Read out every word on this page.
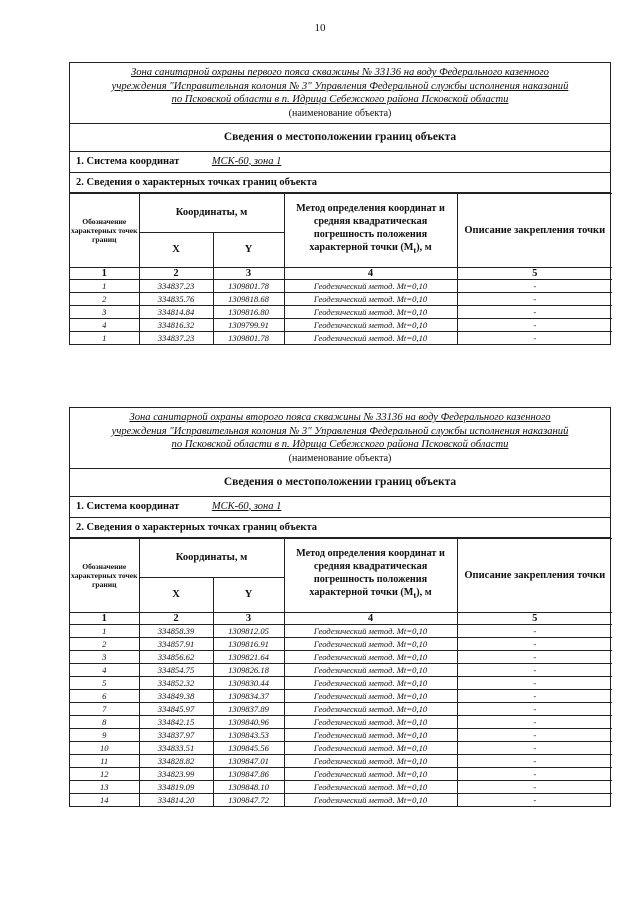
10
Зона санитарной охраны первого пояса скважины № 33136 на воду Федерального казенного
учреждения "Исправительная колония № 3" Управления Федеральной службы исполнения наказаний
по Псковской области в п. Идрица Себежского района Псковской области
(наименование объекта)
Сведения о местоположении границ объекта
1. Система координат	МСК-60, зона 1
2. Сведения о характерных точках границ объекта
Обозначение характерных точек границ	Координаты, м		Метод определения координат и средняя квадратическая погрешность положения характерной точки $(M_t)$, м	Описание закрепления точки
	X	Y		
1	2	3	4	5
1	334837.23	1309801.78	Геодезический метод. Mt=0,10	-
2	334835.76	1309818.68	Геодезический метод. Mt=0,10	-
3	334814.84	1309816.80	Геодезический метод. Mt=0,10	-
4	334816.32	1309799.91	Геодезический метод. Mt=0,10	-
1	334837.23	1309801.78	Геодезический метод. Mt=0,10	-
Зона санитарной охраны второго пояса скважины № 33136 на воду Федерального казенного
учреждения "Исправительная колония № 3" Управления Федеральной службы исполнения наказаний
по Псковской области в п. Идрица Себежского района Псковской области
(наименование объекта)
Сведения о местоположении границ объекта
1. Система координат	МСК-60, зона 1
2. Сведения о характерных точках границ объекта
Обозначение характерных точек границ	Координаты, м		Метод определения координат и средняя квадратическая погрешность положения характерной точки $(M_t)$, м	Описание закрепления точки
	X	Y		
1	2	3	4	5
1	334858.39	1309812.05	Геодезический метод. Mt=0,10	-
2	334857.91	1309816.91	Геодезический метод. Mt=0,10	-
3	334856.62	1309821.64	Геодезический метод. Mt=0,10	-
4	334854.75	1309826.18	Геодезический метод. Mt=0,10	-
5	334852.32	1309830.44	Геодезический метод. Mt=0,10	-
6	334849.38	1309834.37	Геодезический метод. Mt=0,10	-
7	334845.97	1309837.89	Геодезический метод. Mt=0,10	-
8	334842.15	1309840.96	Геодезический метод. Mt=0,10	-
9	334837.97	1309843.53	Геодезический метод. Mt=0,10	-
10	334833.51	1309845.56	Геодезический метод. Mt=0,10	-
11	334828.82	1309847.01	Геодезический метод. Mt=0,10	-
12	334823.99	1309847.86	Геодезический метод. Mt=0,10	-
13	334819.09	1309848.10	Геодезический метод. Mt=0,10	-
14	334814.20	1309847.72	Геодезический метод. Mt=0,10	-
